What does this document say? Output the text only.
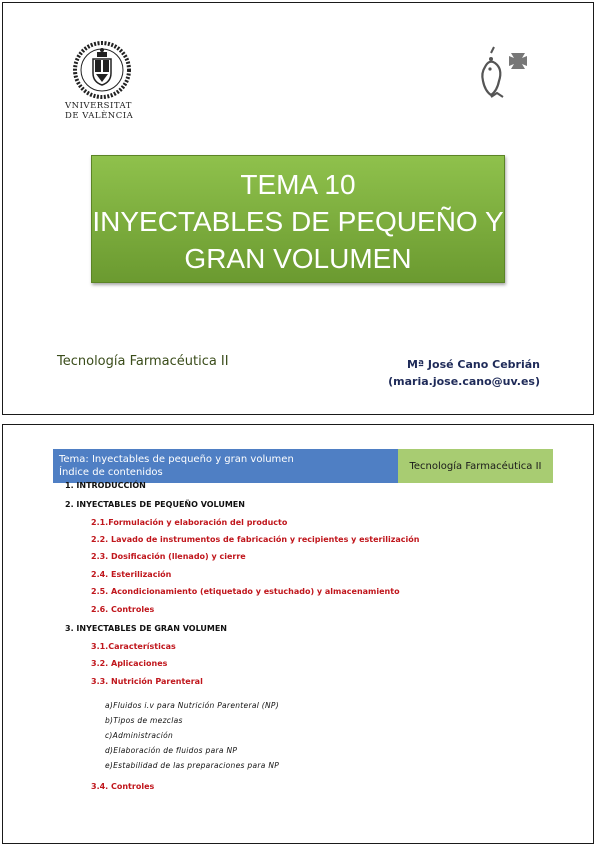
VNIVERSITAT
DE VALÈNCIA
TEMA 10
INYECTABLES DE PEQUEÑO Y
GRAN VOLUMEN
Tecnología Farmacéutica II	Mª José Cano Cebrián
(maria.jose.cano@uv.es)
Tema: Inyectables de pequeño y gran volumen
Índice de contenidos
Tecnología Farmacéutica II
1. INTRODUCCIÓN
2. INYECTABLES DE PEQUEÑO VOLUMEN
2.1.Formulación y elaboración del producto
2.2. Lavado de instrumentos de fabricación y recipientes y esterilización
2.3. Dosificación (llenado) y cierre
2.4. Esterilización
2.5. Acondicionamiento (etiquetado y estuchado) y almacenamiento
2.6. Controles
3. INYECTABLES DE GRAN VOLUMEN
3.1.Características
3.2. Aplicaciones
3.3. Nutrición Parenteral
a)Fluidos i.v para Nutrición Parenteral (NP)
b)Tipos de mezclas
c)Administración
d)Elaboración de fluidos para NP
e)Estabilidad de las preparaciones para NP
3.4. Controles
